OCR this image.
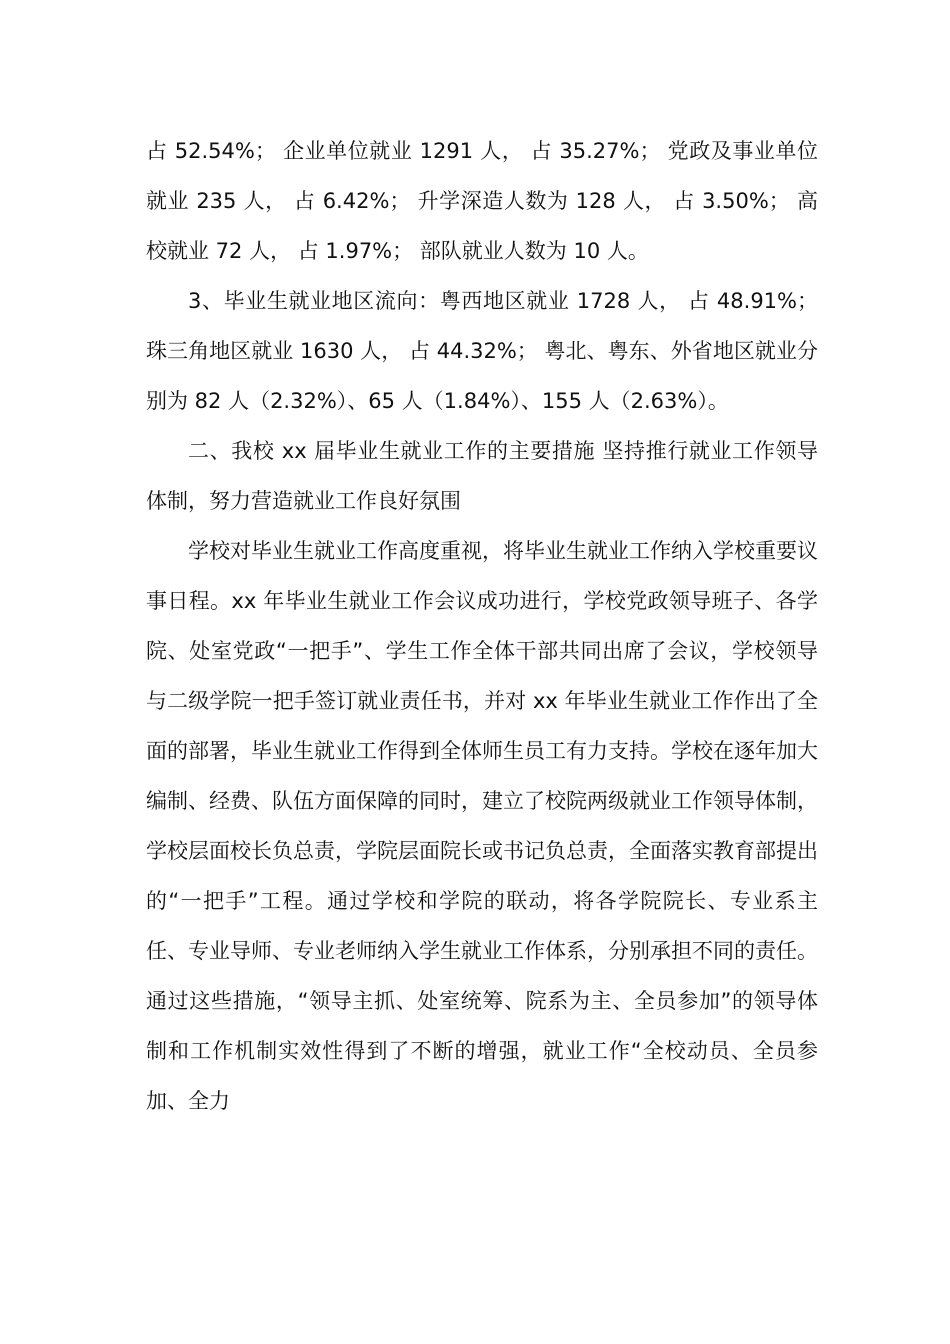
占 52.54%； 企业单位就业 1291 人， 占 35.27%； 党政及事业单位就业 235 人， 占 6.42%； 升学深造人数为 128 人， 占 3.50%； 高校就业 72 人， 占 1.97%； 部队就业人数为 10 人。

3、毕业生就业地区流向：粤西地区就业 1728 人， 占 48.91%； 珠三角地区就业 1630 人， 占 44.32%； 粤北、粤东、外省地区就业分别为 82 人（2.32%）、65 人（1.84%）、155 人（2.63%）。

二、我校 xx 届毕业生就业工作的主要措施 坚持推行就业工作领导体制，努力营造就业工作良好氛围

学校对毕业生就业工作高度重视，将毕业生就业工作纳入学校重要议事日程。xx 年毕业生就业工作会议成功进行，学校党政领导班子、各学院、处室党政“一把手”、学生工作全体干部共同出席了会议，学校领导与二级学院一把手签订就业责任书，并对 xx 年毕业生就业工作作出了全面的部署，毕业生就业工作得到全体师生员工有力支持。学校在逐年加大编制、经费、队伍方面保障的同时，建立了校院两级就业工作领导体制，学校层面校长负总责，学院层面院长或书记负总责，全面落实教育部提出的“一把手”工程。通过学校和学院的联动，将各学院院长、专业系主任、专业导师、专业老师纳入学生就业工作体系，分别承担不同的责任。通过这些措施，“领导主抓、处室统筹、院系为主、全员参加”的领导体制和工作机制实效性得到了不断的增强，就业工作“全校动员、全员参加、全力
